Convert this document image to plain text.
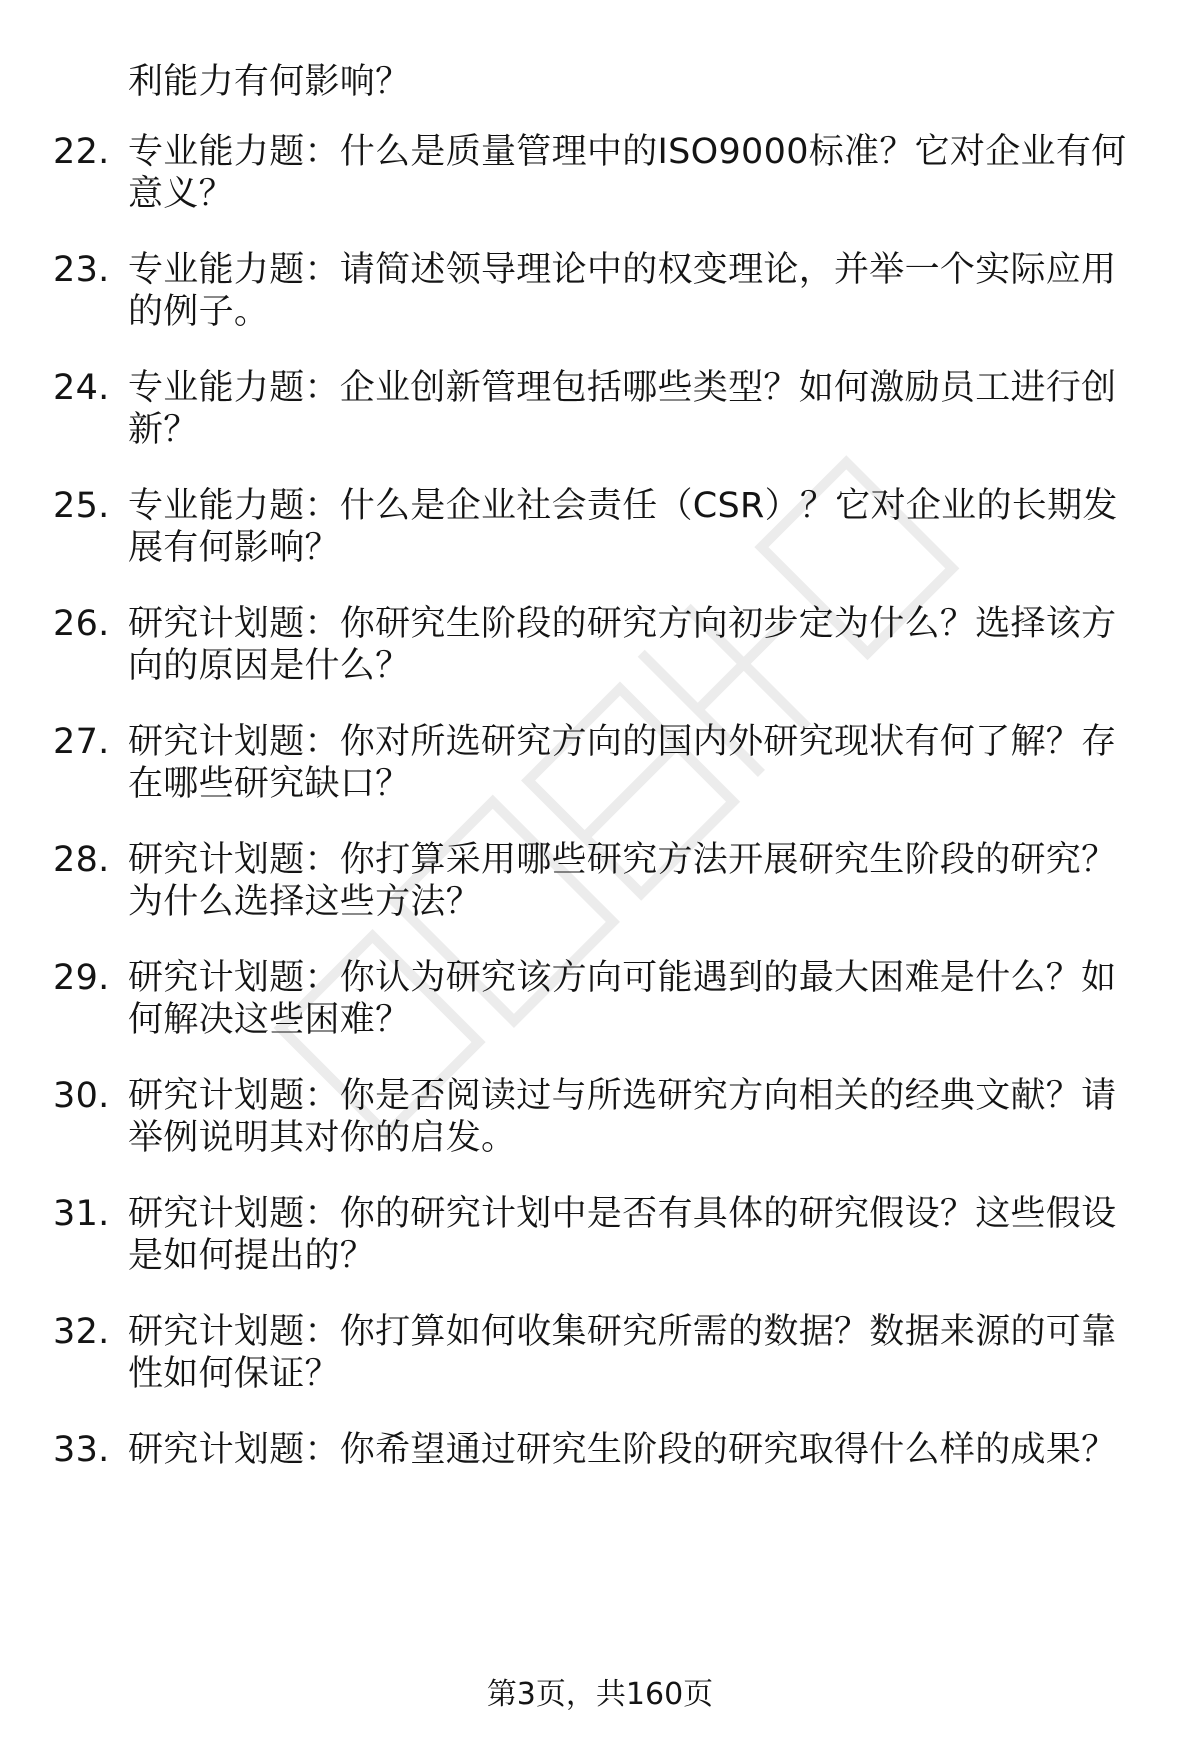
利能力有何影响？
22. 专业能力题：什么是质量管理中的ISO9000标准？它对企业有何
意义？
23. 专业能力题：请简述领导理论中的权变理论，并举一个实际应用
的例子。
24. 专业能力题：企业创新管理包括哪些类型？如何激励员工进行创
新？
25. 专业能力题：什么是企业社会责任（CSR）？它对企业的长期发
展有何影响？
26. 研究计划题：你研究生阶段的研究方向初步定为什么？选择该方
向的原因是什么？
27. 研究计划题：你对所选研究方向的国内外研究现状有何了解？存
在哪些研究缺口？
28. 研究计划题：你打算采用哪些研究方法开展研究生阶段的研究？
为什么选择这些方法？
29. 研究计划题：你认为研究该方向可能遇到的最大困难是什么？如
何解决这些困难？
30. 研究计划题：你是否阅读过与所选研究方向相关的经典文献？请
举例说明其对你的启发。
31. 研究计划题：你的研究计划中是否有具体的研究假设？这些假设
是如何提出的？
32. 研究计划题：你打算如何收集研究所需的数据？数据来源的可靠
性如何保证？
33. 研究计划题：你希望通过研究生阶段的研究取得什么样的成果？
第3页，共160页
